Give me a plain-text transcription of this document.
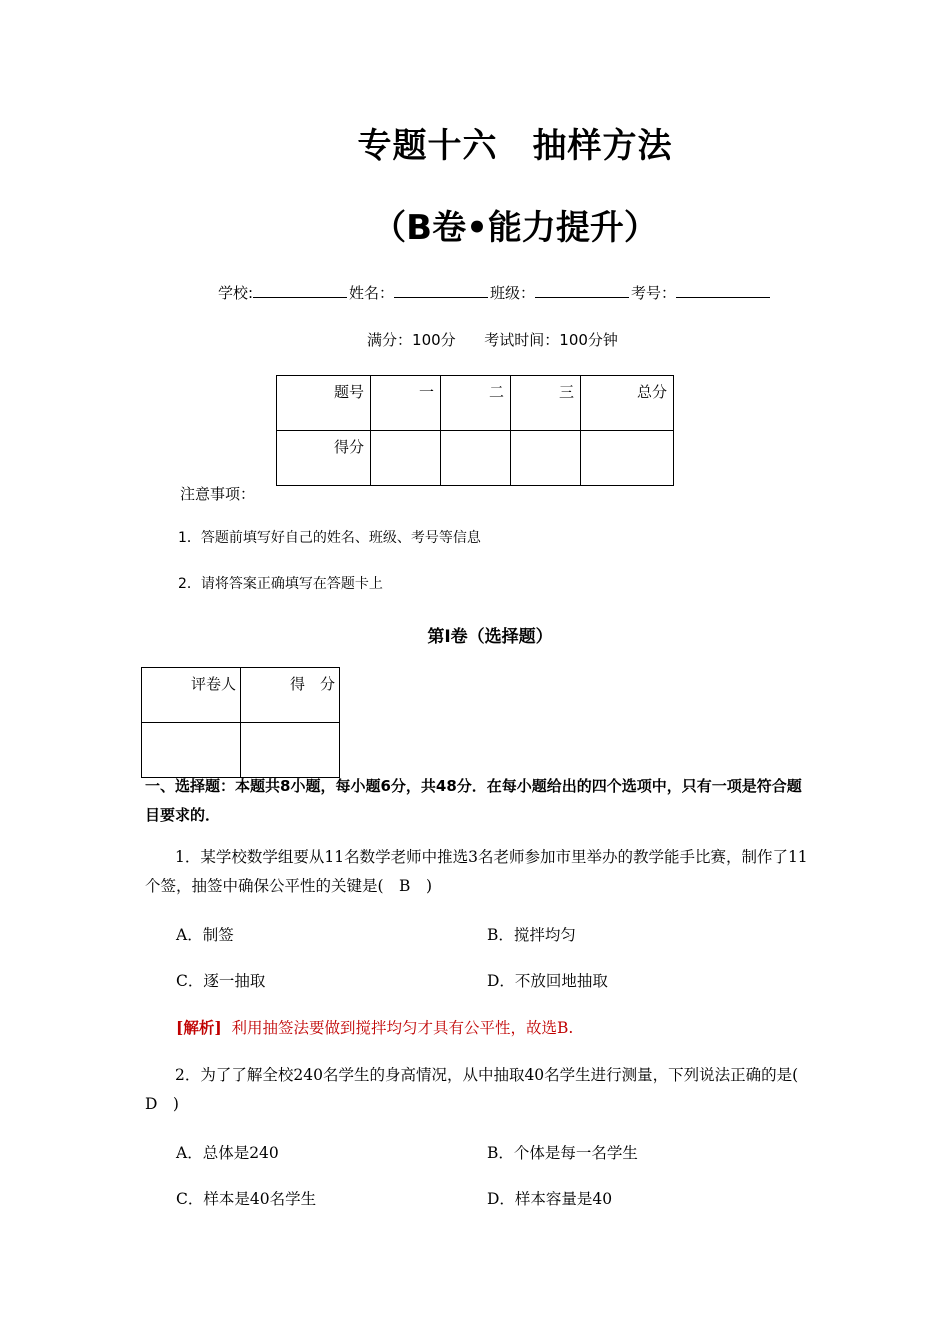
专题十六　抽样方法
（B卷•能力提升）
学校:	姓名：	班级：	考号：
满分：100分 考试时间：100分钟
题号	一	二	三	总分
得分				
注意事项：
1．答题前填写好自己的姓名、班级、考号等信息
2．请将答案正确填写在答题卡上
第Ⅰ卷（选择题）
评卷人	得　分

一、选择题：本题共8小题，每小题6分，共48分．在每小题给出的四个选项中，只有一项是符合题目要求的．
1．某学校数学组要从11名数学老师中推选3名老师参加市里举办的教学能手比赛，制作了11个签，抽签中确保公平性的关键是(　B　)
A．制签	B．搅拌均匀
C．逐一抽取	D．不放回地抽取
[解析] 利用抽签法要做到搅拌均匀才具有公平性，故选B.
2．为了了解全校240名学生的身高情况，从中抽取40名学生进行测量，下列说法正确的是(　D　)
A．总体是240	B．个体是每一名学生
C．样本是40名学生	D．样本容量是40
